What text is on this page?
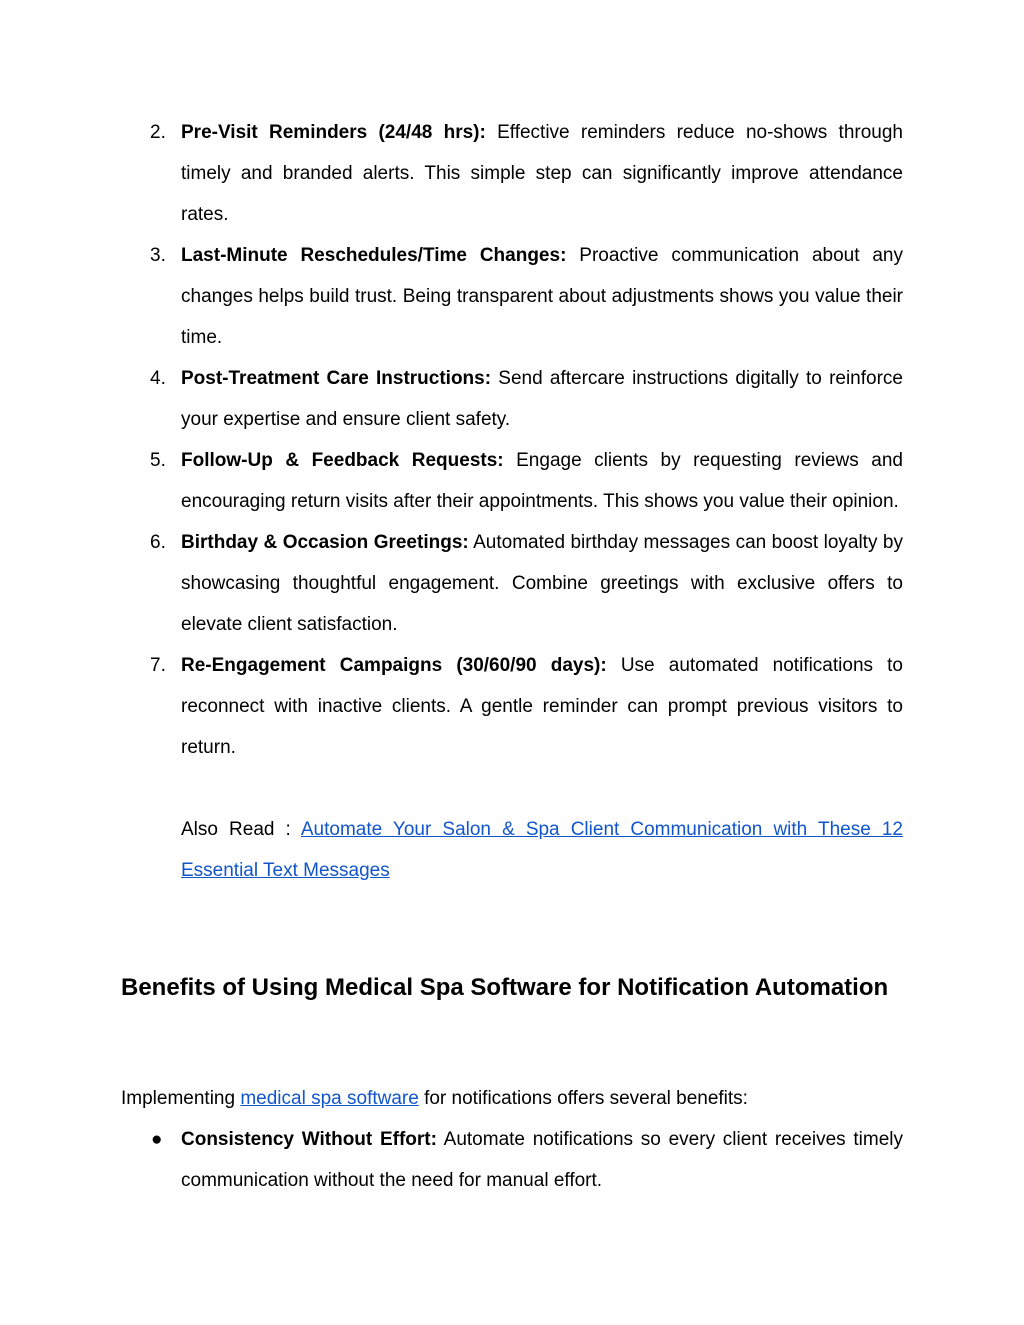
2. Pre-Visit Reminders (24/48 hrs): Effective reminders reduce no-shows through timely and branded alerts. This simple step can significantly improve attendance rates.
3. Last-Minute Reschedules/Time Changes: Proactive communication about any changes helps build trust. Being transparent about adjustments shows you value their time.
4. Post-Treatment Care Instructions: Send aftercare instructions digitally to reinforce your expertise and ensure client safety.
5. Follow-Up & Feedback Requests: Engage clients by requesting reviews and encouraging return visits after their appointments. This shows you value their opinion.
6. Birthday & Occasion Greetings: Automated birthday messages can boost loyalty by showcasing thoughtful engagement. Combine greetings with exclusive offers to elevate client satisfaction.
7. Re-Engagement Campaigns (30/60/90 days): Use automated notifications to reconnect with inactive clients. A gentle reminder can prompt previous visitors to return.
Also Read : Automate Your Salon & Spa Client Communication with These 12 Essential Text Messages
Benefits of Using Medical Spa Software for Notification Automation

Implementing medical spa software for notifications offers several benefits:

● Consistency Without Effort: Automate notifications so every client receives timely communication without the need for manual effort.
